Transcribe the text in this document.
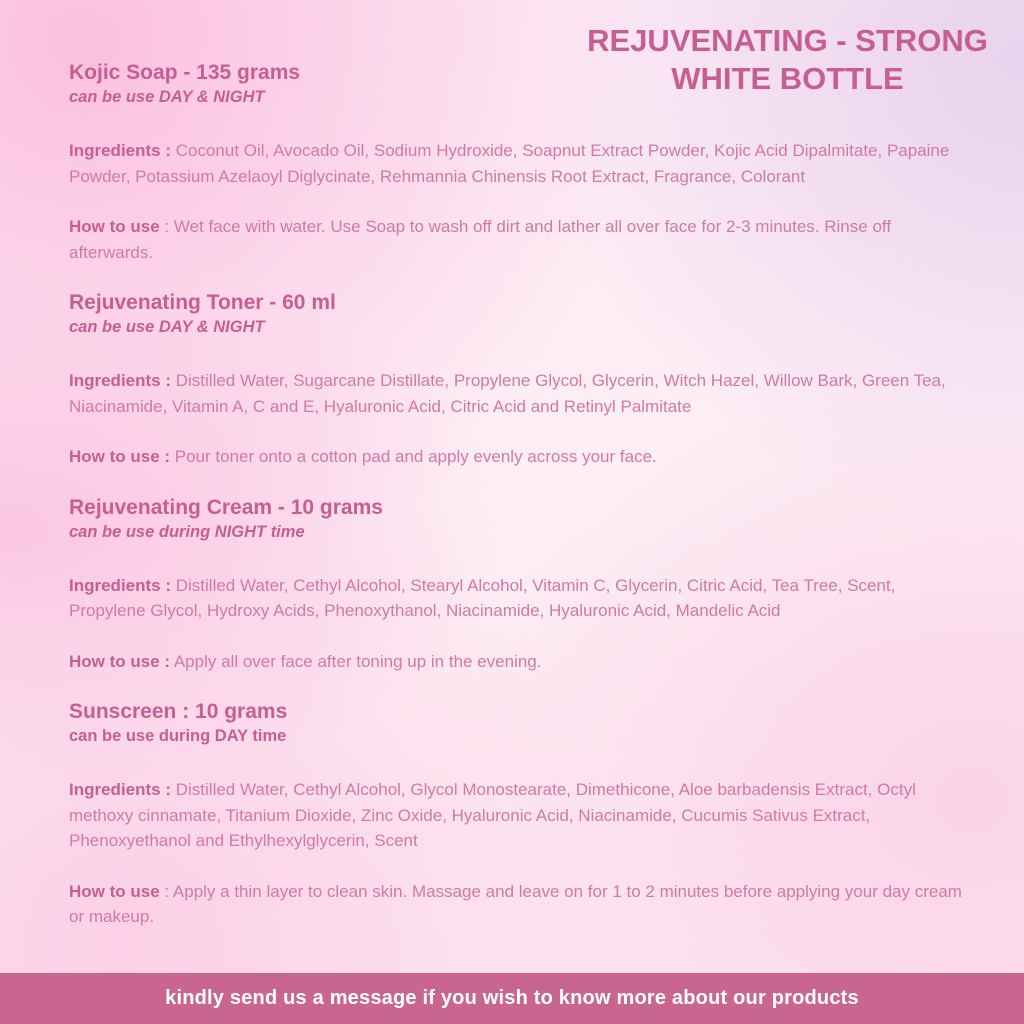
REJUVENATING - STRONG
WHITE BOTTLE

Kojic Soap - 135 grams

can be use DAY & NIGHT

Ingredients : Coconut Oil, Avocado Oil, Sodium Hydroxide, Soapnut Extract Powder, Kojic Acid Dipalmitate, Papaine Powder, Potassium Azelaoyl Diglycinate, Rehmannia Chinensis Root Extract, Fragrance, Colorant

How to use : Wet face with water. Use Soap to wash off dirt and lather all over face for 2-3 minutes. Rinse off afterwards.

Rejuvenating Toner - 60 ml

can be use DAY & NIGHT

Ingredients : Distilled Water, Sugarcane Distillate, Propylene Glycol, Glycerin, Witch Hazel, Willow Bark, Green Tea, Niacinamide, Vitamin A, C and E, Hyaluronic Acid, Citric Acid and Retinyl Palmitate

How to use : Pour toner onto a cotton pad and apply evenly across your face.

Rejuvenating Cream - 10 grams

can be use during NIGHT time

Ingredients : Distilled Water, Cethyl Alcohol, Stearyl Alcohol, Vitamin C, Glycerin, Citric Acid, Tea Tree, Scent, Propylene Glycol, Hydroxy Acids, Phenoxythanol, Niacinamide, Hyaluronic Acid, Mandelic Acid

How to use : Apply all over face after toning up in the evening.

Sunscreen : 10 grams

can be use during DAY time

Ingredients : Distilled Water, Cethyl Alcohol, Glycol Monostearate, Dimethicone, Aloe barbadensis Extract, Octyl methoxy cinnamate, Titanium Dioxide, Zinc Oxide, Hyaluronic Acid, Niacinamide, Cucumis Sativus Extract, Phenoxyethanol and Ethylhexylglycerin, Scent

How to use : Apply a thin layer to clean skin. Massage and leave on for 1 to 2 minutes before applying your day cream or makeup.

kindly send us a message if you wish to know more about our products
